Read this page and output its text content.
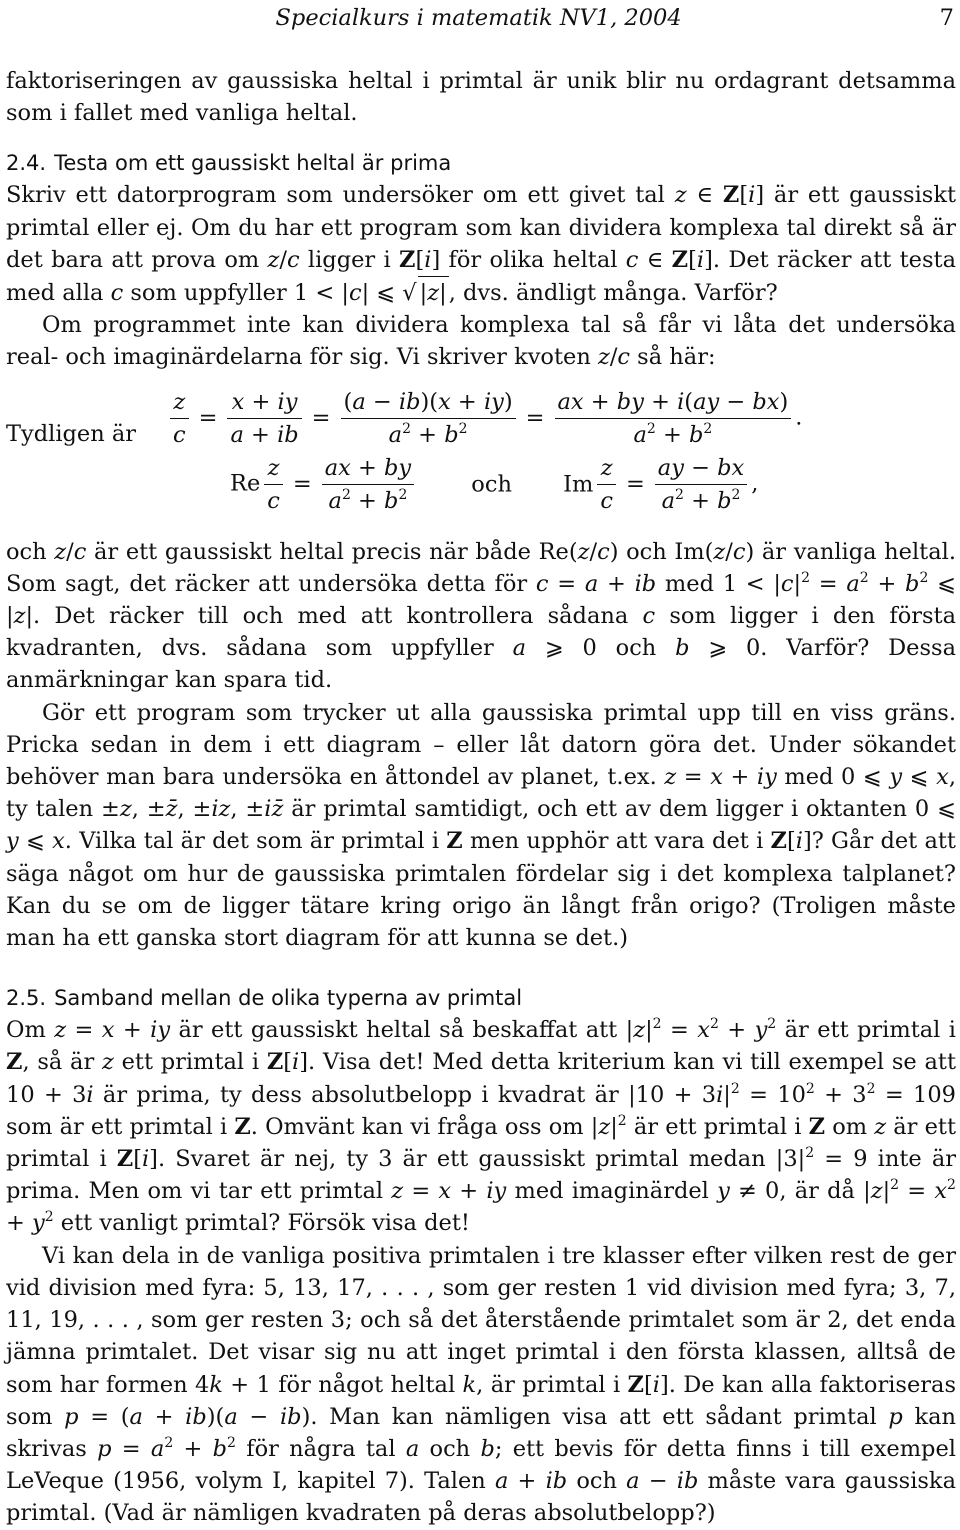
Specialkurs i matematik NV1, 2004	7

faktoriseringen av gaussiska heltal i primtal är unik blir nu ordagrant detsamma som i fallet med vanliga heltal.

2.4. Testa om ett gaussiskt heltal är prima

Skriv ett datorprogram som undersöker om ett givet tal z ∈ Z[i] är ett gaussiskt primtal eller ej. Om du har ett program som kan dividera komplexa tal direkt så är det bara att prova om z/c ligger i Z[i] för olika heltal c ∈ Z[i]. Det räcker att testa med alla c som uppfyller 1 < |c| ⩽ √ |z|, dvs. ändligt många. Varför?

Om programmet inte kan dividera komplexa tal så får vi låta det undersöka real- och imaginärdelarna för sig. Vi skriver kvoten z/c så här:

$\frac{z}{c} = \frac{x + iy}{a + ib} = \frac{(a - ib)(x + iy)}{a^2 + b^2} = \frac{ax + by + i(ay - bx)}{a^2 + b^2}$ .
Tydligen är
Re $\frac{z}{c} = \frac{ax + by}{a^2 + b^2}$	och Im $\frac{z}{c} = \frac{ay - bx}{a^2 + b^2}$ ,

och z/c är ett gaussiskt heltal precis när både Re(z/c) och Im(z/c) är vanliga heltal. Som sagt, det räcker att undersöka detta för c = a + ib med $1 < |c|^2 = a^2 + b^2$ ⩽ |z|. Det räcker till och med att kontrollera sådana c som ligger i den första kvadranten, dvs. sådana som uppfyller a ⩾ 0 och b ⩾ 0. Varför? Dessa anmärkningar kan spara tid.

Gör ett program som trycker ut alla gaussiska primtal upp till en viss gräns. Pricka sedan in dem i ett diagram – eller låt datorn göra det. Under sökandet behöver man bara undersöka en åttondel av planet, t.ex. z = x + iy med 0 ⩽ y ⩽ x, ty talen ±z, ±z̄, ±iz, ±iz̄ är primtal samtidigt, och ett av dem ligger i oktanten 0 ⩽ y ⩽ x. Vilka tal är det som är primtal i Z men upphör att vara det i Z[i]? Går det att säga något om hur de gaussiska primtalen fördelar sig i det komplexa talplanet? Kan du se om de ligger tätare kring origo än långt från origo? (Troligen måste man ha ett ganska stort diagram för att kunna se det.)

2.5. Samband mellan de olika typerna av primtal

Om z = x + iy är ett gaussiskt heltal så beskaffat att $|z|^2 = x^2 + y^2$ är ett primtal i Z, så är z ett primtal i Z[i]. Visa det! Med detta kriterium kan vi till exempel se att 10 + 3i är prima, ty dess absolutbelopp i kvadrat är $|10 + 3i|^2 = 10^2 + 3^2 = 109$ som är ett primtal i Z. Omvänt kan vi fråga oss om $|z|^2$ är ett primtal i Z om z är ett primtal i Z[i]. Svaret är nej, ty 3 är ett gaussiskt primtal medan $|3|^2 = 9$ inte är prima. Men om vi tar ett primtal z = x + iy med imaginärdel y ≠ 0, är då $|z|^2 = x^2 + y^2$ ett vanligt primtal? Försök visa det!

Vi kan dela in de vanliga positiva primtalen i tre klasser efter vilken rest de ger vid division med fyra: 5, 13, 17, . . . , som ger resten 1 vid division med fyra; 3, 7, 11, 19, . . . , som ger resten 3; och så det återstående primtalet som är 2, det enda jämna primtalet. Det visar sig nu att inget primtal i den första klassen, alltså de som har formen 4k + 1 för något heltal k, är primtal i Z[i]. De kan alla faktoriseras som p = (a + ib)(a − ib). Man kan nämligen visa att ett sådant primtal p kan skrivas $p = a^2 + b^2$ för några tal a och b; ett bevis för detta finns i till exempel LeVeque (1956, volym I, kapitel 7). Talen a + ib och a − ib måste vara gaussiska primtal. (Vad är nämligen kvadraten på deras absolutbelopp?)
